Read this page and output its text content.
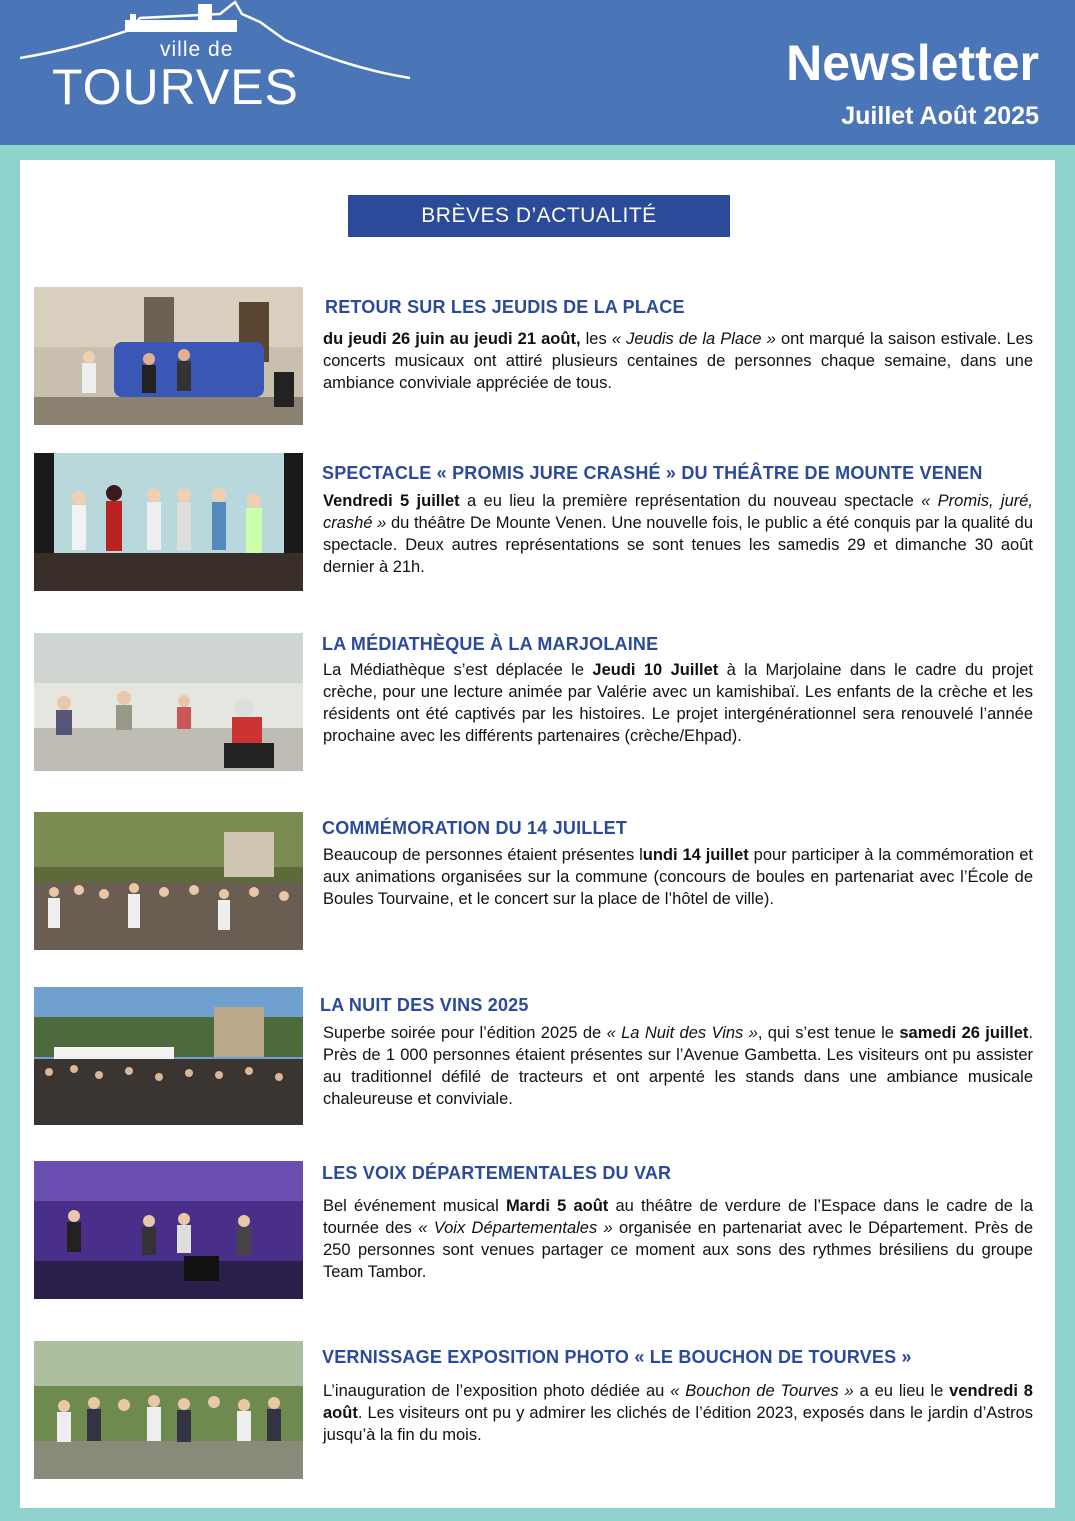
ville de
TOURVES	Newsletter
Juillet Août 2025
BRÈVES D’ACTUALITÉ
RETOUR SUR LES JEUDIS DE LA PLACE
du jeudi 26 juin au jeudi 21 août, les « Jeudis de la Place » ont marqué la saison estivale. Les concerts musicaux ont attiré plusieurs centaines de personnes chaque semaine, dans une ambiance conviviale appréciée de tous.
SPECTACLE « PROMIS JURE CRASHÉ » DU THÉÂTRE DE MOUNTE VENEN
Vendredi 5 juillet a eu lieu la première représentation du nouveau spectacle « Promis, juré, crashé » du théâtre De Mounte Venen. Une nouvelle fois, le public a été conquis par la qualité du spectacle. Deux autres représentations se sont tenues les samedis 29 et dimanche 30 août dernier à 21h.
LA MÉDIATHÈQUE À LA MARJOLAINE
La Médiathèque s’est déplacée le Jeudi 10 Juillet à la Marjolaine dans le cadre du projet crèche, pour une lecture animée par Valérie avec un kamishibaï. Les enfants de la crèche et les résidents ont été captivés par les histoires. Le projet intergénérationnel sera renouvelé l’année prochaine avec les différents partenaires (crèche/Ehpad).
COMMÉMORATION DU 14 JUILLET
Beaucoup de personnes étaient présentes lundi 14 juillet pour participer à la commémoration et aux animations organisées sur la commune (concours de boules en partenariat avec l’École de Boules Tourvaine, et le concert sur la place de l’hôtel de ville).
LA NUIT DES VINS 2025
Superbe soirée pour l’édition 2025 de « La Nuit des Vins », qui s’est tenue le samedi 26 juillet. Près de 1 000 personnes étaient présentes sur l’Avenue Gambetta. Les visiteurs ont pu assister au traditionnel défilé de tracteurs et ont arpenté les stands dans une ambiance musicale chaleureuse et conviviale.
LES VOIX DÉPARTEMENTALES DU VAR
Bel événement musical Mardi 5 août au théâtre de verdure de l’Espace dans le cadre de la tournée des « Voix Départementales » organisée en partenariat avec le Département. Près de 250 personnes sont venues partager ce moment aux sons des rythmes brésiliens du groupe Team Tambor.
VERNISSAGE EXPOSITION PHOTO « LE BOUCHON DE TOURVES »
L’inauguration de l’exposition photo dédiée au « Bouchon de Tourves » a eu lieu le vendredi 8 août. Les visiteurs ont pu y admirer les clichés de l’édition 2023, exposés dans le jardin d’Astros jusqu’à la fin du mois.
